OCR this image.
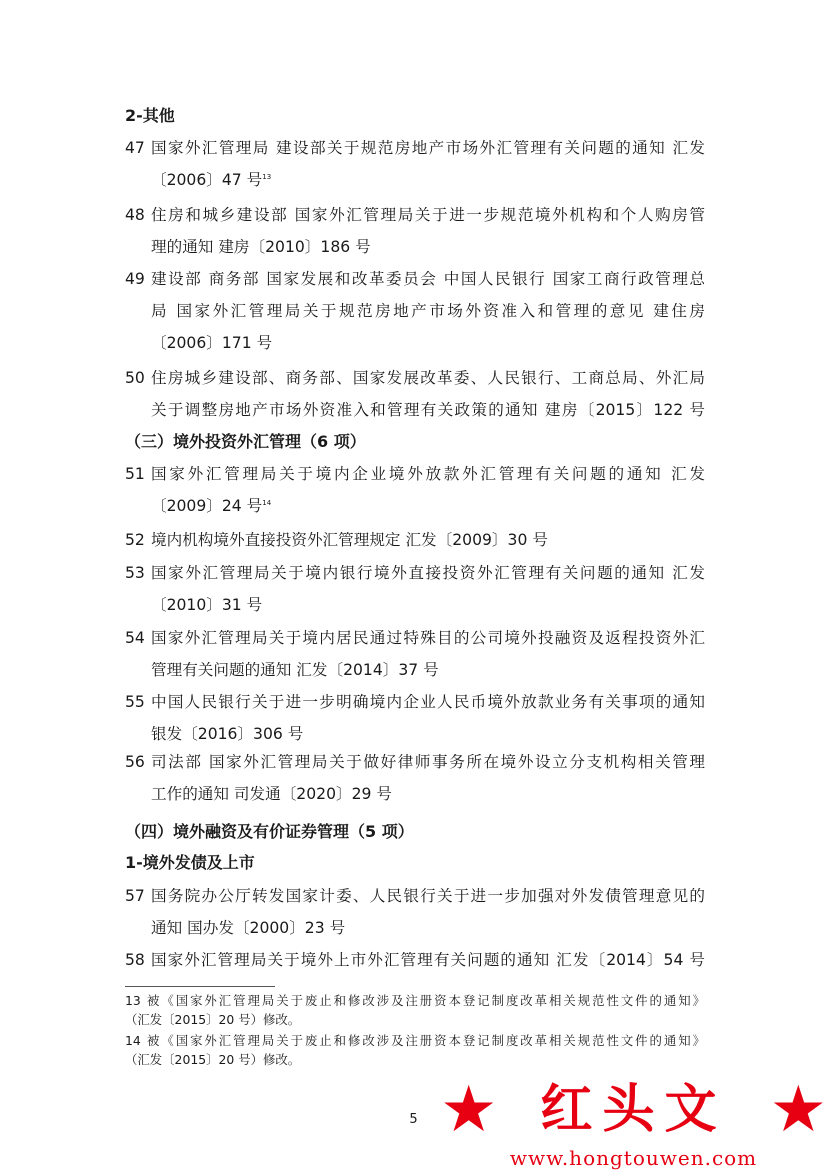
2-其他
47 国家外汇管理局 建设部关于规范房地产市场外汇管理有关问题的通知 汇发
〔2006〕47 号$^{13}$
48 住房和城乡建设部 国家外汇管理局关于进一步规范境外机构和个人购房管
理的通知 建房〔2010〕186 号
49 建设部 商务部 国家发展和改革委员会 中国人民银行 国家工商行政管理总
局 国家外汇管理局关于规范房地产市场外资准入和管理的意见 建住房
〔2006〕171 号
50 住房城乡建设部、商务部、国家发展改革委、人民银行、工商总局、外汇局
关于调整房地产市场外资准入和管理有关政策的通知 建房〔2015〕122 号
（三）境外投资外汇管理（6 项）
51 国家外汇管理局关于境内企业境外放款外汇管理有关问题的通知 汇发
〔2009〕24 号$^{14}$
52 境内机构境外直接投资外汇管理规定 汇发〔2009〕30 号
53 国家外汇管理局关于境内银行境外直接投资外汇管理有关问题的通知 汇发
〔2010〕31 号
54 国家外汇管理局关于境内居民通过特殊目的公司境外投融资及返程投资外汇
管理有关问题的通知 汇发〔2014〕37 号
55 中国人民银行关于进一步明确境内企业人民币境外放款业务有关事项的通知
银发〔2016〕306 号
56 司法部 国家外汇管理局关于做好律师事务所在境外设立分支机构相关管理
工作的通知 司发通〔2020〕29 号
（四）境外融资及有价证券管理（5 项）
1-境外发债及上市
57 国务院办公厅转发国家计委、人民银行关于进一步加强对外发债管理意见的
通知 国办发〔2000〕23 号
58 国家外汇管理局关于境外上市外汇管理有关问题的通知 汇发〔2014〕54 号
13 被《国家外汇管理局关于废止和修改涉及注册资本登记制度改革相关规范性文件的通知》
（汇发〔2015〕20 号）修改。
14 被《国家外汇管理局关于废止和修改涉及注册资本登记制度改革相关规范性文件的通知》
（汇发〔2015〕20 号）修改。
5 ★ 红头文 ★
www.hongtouwen.com
